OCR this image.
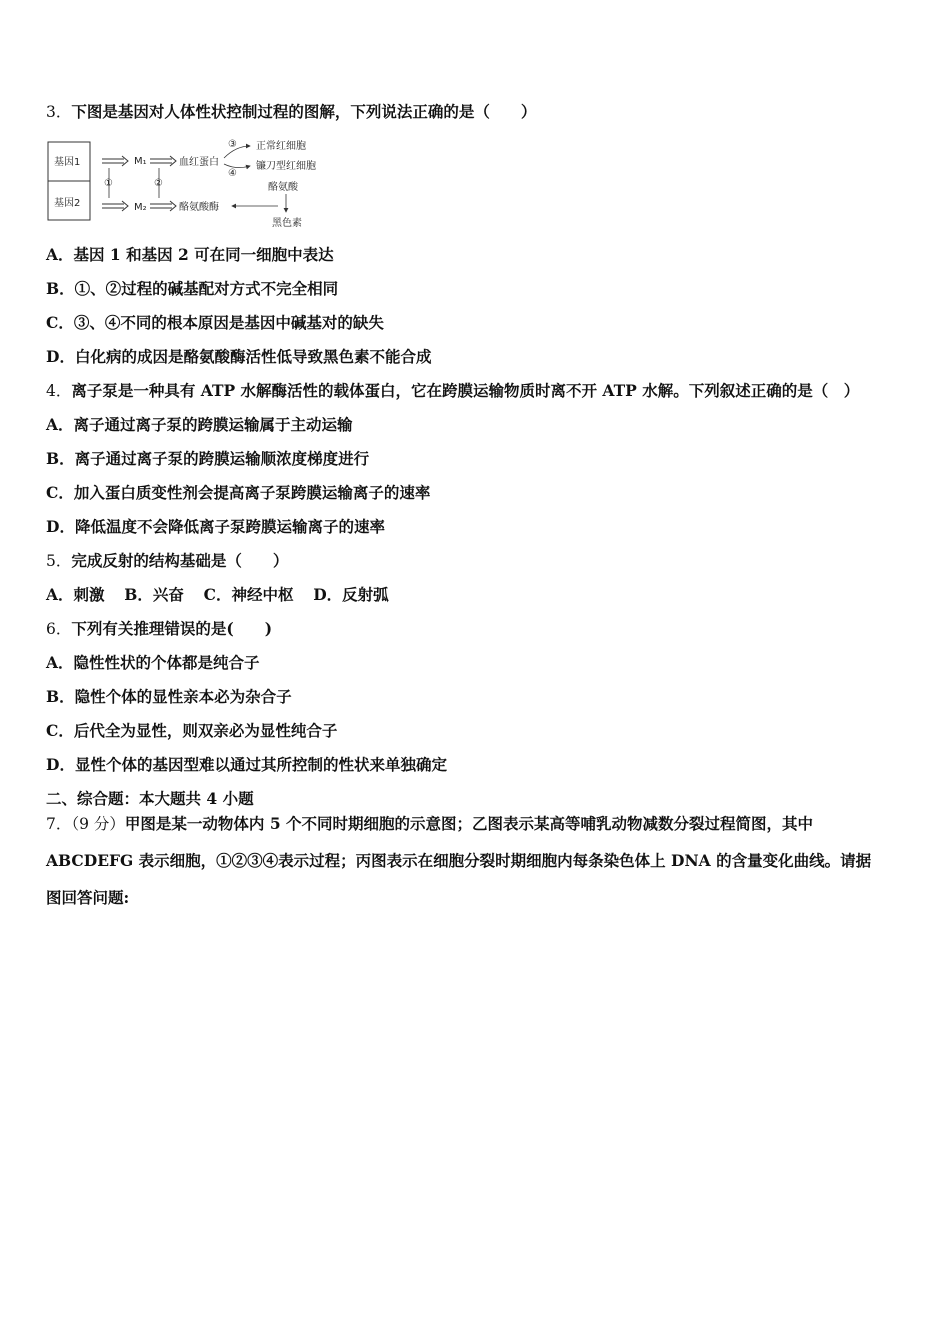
3．下图是基因对人体性状控制过程的图解，下列说法正确的是（　　）
基因1
基因2
①
M₁
M₂
②
血红蛋白
③
④
正常红细胞
镰刀型红细胞
酪氨酸酶
酪氨酸
黑色素
A．基因 1 和基因 2 可在同一细胞中表达
B．①、②过程的碱基配对方式不完全相同
C．③、④不同的根本原因是基因中碱基对的缺失
D．白化病的成因是酪氨酸酶活性低导致黑色素不能合成
4．离子泵是一种具有 ATP 水解酶活性的载体蛋白，它在跨膜运输物质时离不开 ATP 水解。下列叙述正确的是（　）
A．离子通过离子泵的跨膜运输属于主动运输
B．离子通过离子泵的跨膜运输顺浓度梯度进行
C．加入蛋白质变性剂会提高离子泵跨膜运输离子的速率
D．降低温度不会降低离子泵跨膜运输离子的速率
5．完成反射的结构基础是（　　）
A．刺激 B．兴奋 C．神经中枢 D．反射弧
6．下列有关推理错误的是(　　)
A．隐性性状的个体都是纯合子
B．隐性个体的显性亲本必为杂合子
C．后代全为显性，则双亲必为显性纯合子
D．显性个体的基因型难以通过其所控制的性状来单独确定
二、综合题：本大题共 4 小题
7．（9 分）甲图是某一动物体内 5 个不同时期细胞的示意图；乙图表示某高等哺乳动物减数分裂过程简图，其中
ABCDEFG 表示细胞，①②③④表示过程；丙图表示在细胞分裂时期细胞内每条染色体上 DNA 的含量变化曲线。请据
图回答问题:
